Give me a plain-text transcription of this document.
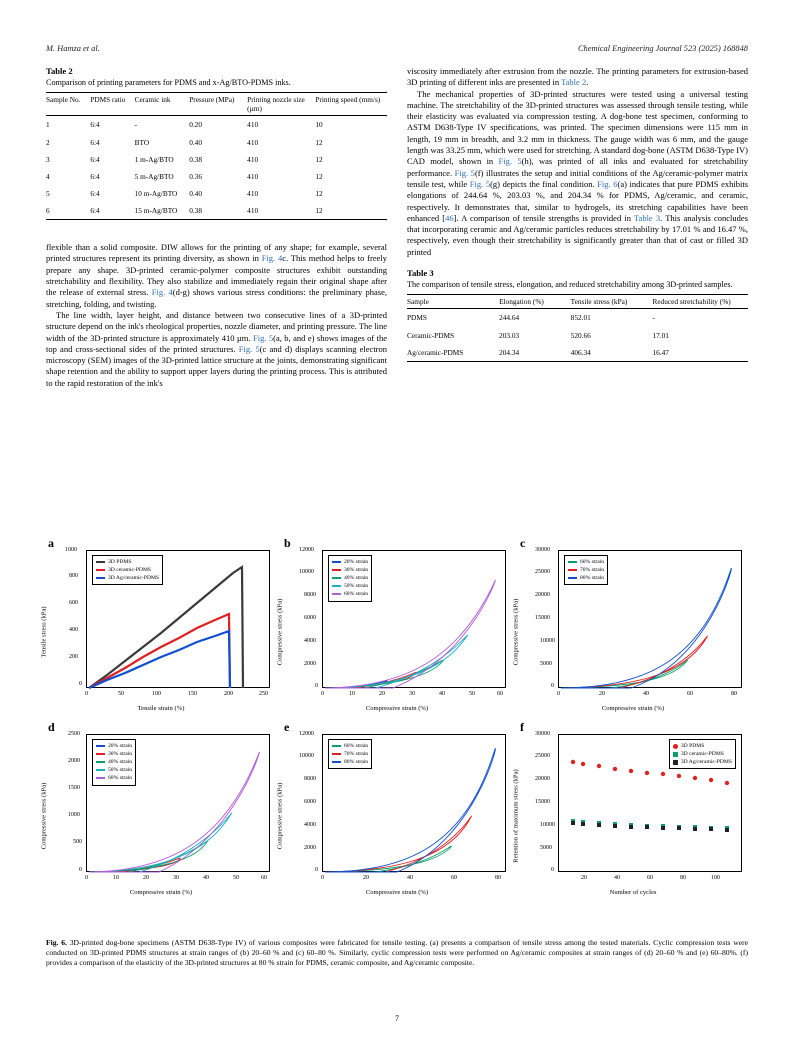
M. Hamza et al.	Chemical Engineering Journal 523 (2025) 168848
Table 2
Comparison of printing parameters for PDMS and x-Ag/BTO-PDMS inks.
Sample No.	PDMS ratio	Ceramic ink	Pressure (MPa)	Printing nozzle size (µm)	Printing speed (mm/s)
1	6:4	-	0.20	410	10
2	6:4	BTO	0.40	410	12
3	6:4	1 m-Ag/BTO	0.38	410	12
4	6:4	5 m-Ag/BTO	0.36	410	12
5	6:4	10 m-Ag/BTO	0.40	410	12
6	6:4	15 m-Ag/BTO	0.38	410	12

flexible than a solid composite. DIW allows for the printing of any shape; for example, several printed structures represent its printing diversity, as shown in Fig. 4c. This method helps to freely prepare any shape. 3D-printed ceramic-polymer composite structures exhibit outstanding stretchability and flexibility. They also stabilize and immediately regain their original shape after the release of external stress. Fig. 4(d-g) shows various stress conditions: the preliminary phase, stretching, folding, and twisting.

The line width, layer height, and distance between two consecutive lines of a 3D-printed structure depend on the ink's rheological properties, nozzle diameter, and printing pressure. The line width of the 3D-printed structure is approximately 410 µm. Fig. 5(a, b, and e) shows images of the top and cross-sectional sides of the printed structures. Fig. 5(c and d) displays scanning electron microscopy (SEM) images of the 3D-printed lattice structure at the joints, demonstrating significant shape retention and the ability to support upper layers during the printing process. This is attributed to the rapid restoration of the ink's

viscosity immediately after extrusion from the nozzle. The printing parameters for extrusion-based 3D printing of different inks are presented in Table 2.

The mechanical properties of 3D-printed structures were tested using a universal testing machine. The stretchability of the 3D-printed structures was assessed through tensile testing, while their elasticity was evaluated via compression testing. A dog-bone test specimen, conforming to ASTM D638-Type IV specifications, was printed. The specimen dimensions were 115 mm in length, 19 mm in breadth, and 3.2 mm in thickness. The gauge width was 6 mm, and the gauge length was 33.25 mm, which were used for stretching. A standard dog-bone (ASTM D638-Type IV) CAD model, shown in Fig. 5(h), was printed of all inks and evaluated for stretchability performance. Fig. 5(f) illustrates the setup and initial conditions of the Ag/ceramic-polymer matrix tensile test, while Fig. 5(g) depicts the final condition. Fig. 6(a) indicates that pure PDMS exhibits elongations of 244.64 %, 203.03 %, and 204.34 % for PDMS, Ag/ceramic, and ceramic, respectively. It demonstrates that, similar to hydrogels, its stretching capabilities have been enhanced [46]. A comparison of tensile strengths is provided in Table 3. This analysis concludes that incorporating ceramic and Ag/ceramic particles reduces stretchability by 17.01 % and 16.47 %, respectively, even though their stretchability is significantly greater than that of cast or filled 3D printed

Table 3
The comparison of tensile stress, elongation, and reduced stretchability among 3D-printed samples.
Sample	Elongation (%)	Tensile stress (kPa)	Reduced stretchability (%)
PDMS	244.64	852.01	-
Ceramic-PDMS	203.03	520.66	17.01
Ag/ceramic-PDMS	204.34	406.34	16.47
a
Tensile stress (kPa)
1000
800
600
400
200
0
0	50	100	150	200	250
3D PDMS
3D ceramic-PDMS
3D Ag/ceramic-PDMS
Tensile strain (%)
b
Compressive stress (kPa)
12000
10000
8000
6000
4000
2000
0
0	10	20	30	40	50	60
20% strain
30% strain
40% strain
50% strain
60% strain
Compressive strain (%)
c
Compressive stress (kPa)
30000
25000
20000
15000
10000
5000
0
0	20	40	60	80
60% strain
70% strain
80% strain
Compressive strain (%)
d
Compressive stress (kPa)
2500
2000
1500
1000
500
0
0	10	20	30	40	50	60
20% strain
30% strain
40% strain
50% strain
60% strain
Compressive strain (%)
e
Compressive stress (kPa)
12000
10000
8000
6000
4000
2000
0
0	20	40	60	80
60% strain
70% strain
80% strain
Compressive strain (%)
f
Retention of maximum stress (kPa)
30000
25000
20000
15000
10000
5000
0
20	40	60	80	100
3D PDMS
3D ceramic-PDMS
3D Ag/ceramic-PDMS
Number of cycles
Fig. 6. 3D-printed dog-bone specimens (ASTM D638-Type IV) of various composites were fabricated for tensile testing. (a) presents a comparison of tensile stress among the tested materials. Cyclic compression tests were conducted on 3D-printed PDMS structures at strain ranges of (b) 20–60 % and (c) 60–80 %. Similarly, cyclic compression tests were performed on Ag/ceramic composites at strain ranges of (d) 20–60 % and (e) 60–80%. (f) provides a comparison of the elasticity of the 3D-printed structures at 80 % strain for PDMS, ceramic composite, and Ag/ceramic composite.
7
